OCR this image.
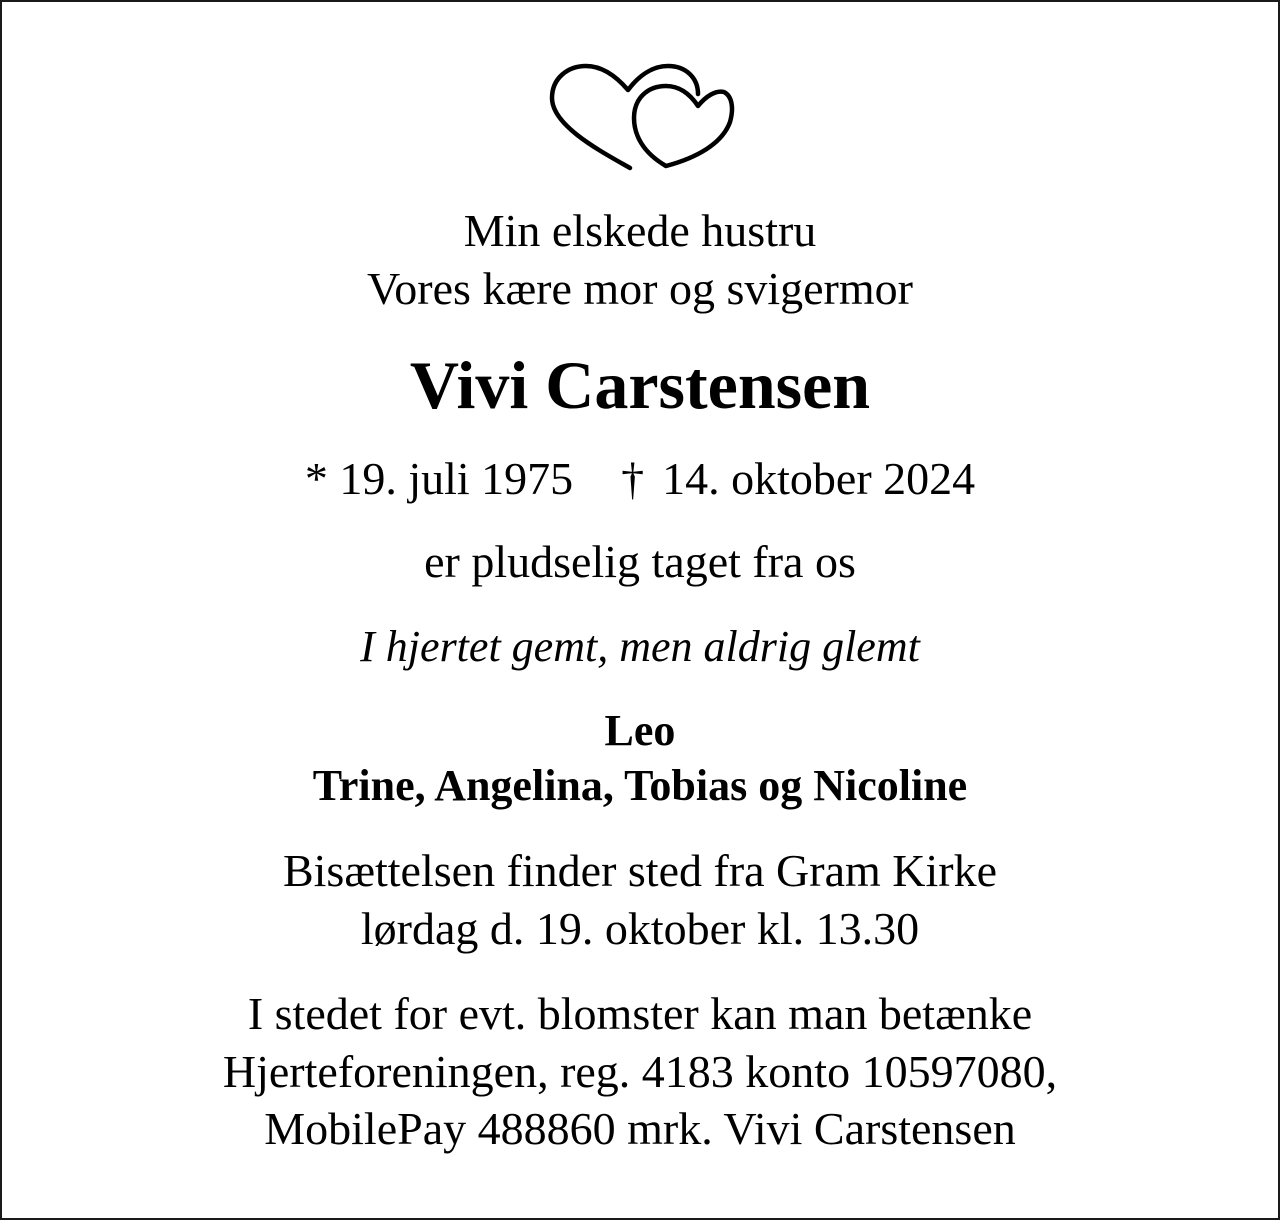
Min elskede hustru
Vores kære mor og svigermor
Vivi Carstensen
* 19. juli 1975 † 14. oktober 2024
er pludselig taget fra os
I hjertet gemt, men aldrig glemt
Leo
Trine, Angelina, Tobias og Nicoline
Bisættelsen finder sted fra Gram Kirke
lørdag d. 19. oktober kl. 13.30
I stedet for evt. blomster kan man betænke
Hjerteforeningen, reg. 4183 konto 10597080,
MobilePay 488860 mrk. Vivi Carstensen
